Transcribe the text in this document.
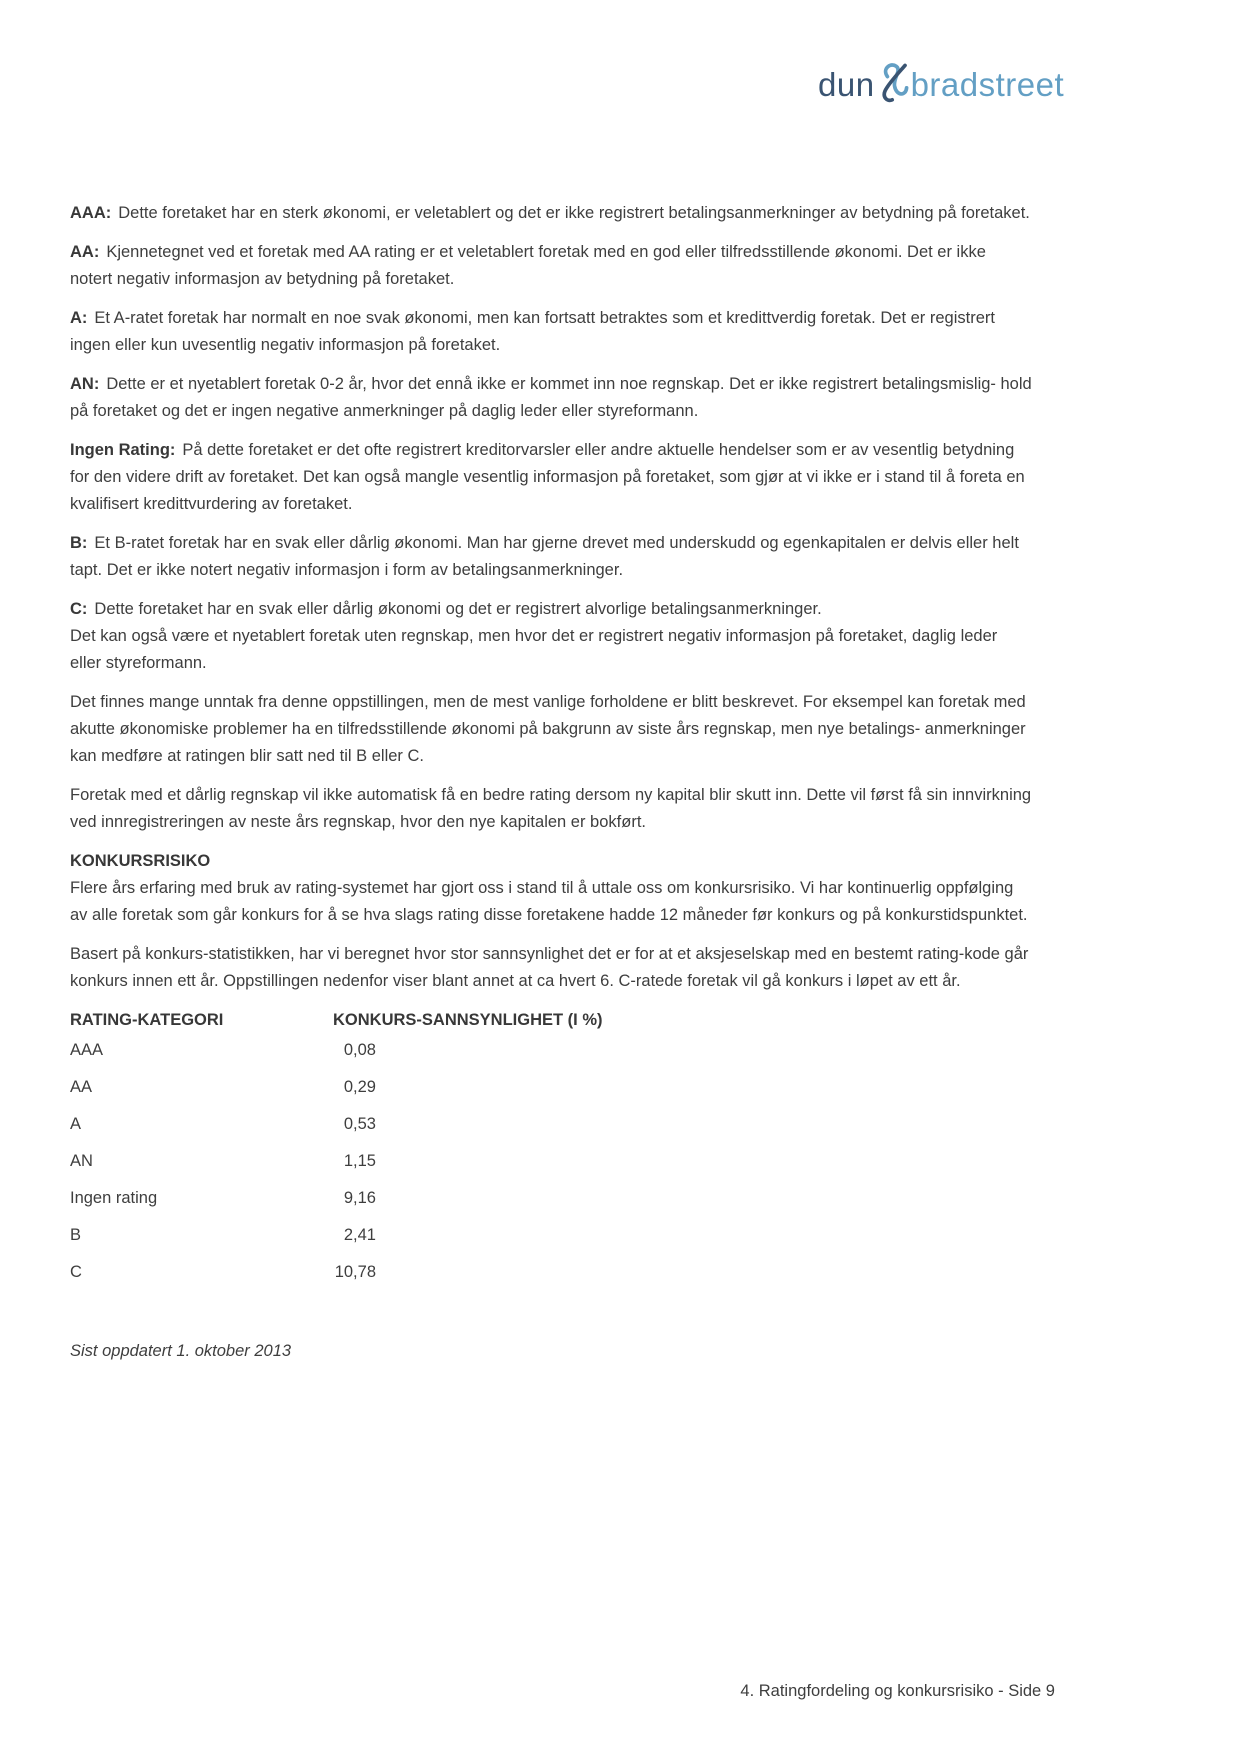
dun bradstreet

AAA: Dette foretaket har en sterk økonomi, er veletablert og det er ikke registrert betalingsanmerkninger av betydning på foretaket.

AA: Kjennetegnet ved et foretak med AA rating er et veletablert foretak med en god eller tilfredsstillende økonomi. Det er ikke notert negativ informasjon av betydning på foretaket.

A: Et A-ratet foretak har normalt en noe svak økonomi, men kan fortsatt betraktes som et kredittverdig foretak. Det er registrert ingen eller kun uvesentlig negativ informasjon på foretaket.

AN: Dette er et nyetablert foretak 0-2 år, hvor det ennå ikke er kommet inn noe regnskap. Det er ikke registrert betalingsmislig- hold på foretaket og det er ingen negative anmerkninger på daglig leder eller styreformann.

Ingen Rating: På dette foretaket er det ofte registrert kreditorvarsler eller andre aktuelle hendelser som er av vesentlig betydning for den videre drift av foretaket. Det kan også mangle vesentlig informasjon på foretaket, som gjør at vi ikke er i stand til å foreta en kvalifisert kredittvurdering av foretaket.

B: Et B-ratet foretak har en svak eller dårlig økonomi. Man har gjerne drevet med underskudd og egenkapitalen er delvis eller helt tapt. Det er ikke notert negativ informasjon i form av betalingsanmerkninger.

C: Dette foretaket har en svak eller dårlig økonomi og det er registrert alvorlige betalingsanmerkninger.
Det kan også være et nyetablert foretak uten regnskap, men hvor det er registrert negativ informasjon på foretaket, daglig leder eller styreformann.

Det finnes mange unntak fra denne oppstillingen, men de mest vanlige forholdene er blitt beskrevet. For eksempel kan foretak med akutte økonomiske problemer ha en tilfredsstillende økonomi på bakgrunn av siste års regnskap, men nye betalings- anmerkninger kan medføre at ratingen blir satt ned til B eller C.

Foretak med et dårlig regnskap vil ikke automatisk få en bedre rating dersom ny kapital blir skutt inn. Dette vil først få sin innvirkning ved innregistreringen av neste års regnskap, hvor den nye kapitalen er bokført.

KONKURSRISIKO

Flere års erfaring med bruk av rating-systemet har gjort oss i stand til å uttale oss om konkursrisiko. Vi har kontinuerlig oppfølging av alle foretak som går konkurs for å se hva slags rating disse foretakene hadde 12 måneder før konkurs og på konkurstidspunktet.

Basert på konkurs-statistikken, har vi beregnet hvor stor sannsynlighet det er for at et aksjeselskap med en bestemt rating-kode går konkurs innen ett år. Oppstillingen nedenfor viser blant annet at ca hvert 6. C-ratede foretak vil gå konkurs i løpet av ett år.

RATING-KATEGORI	KONKURS-SANNSYNLIGHET (I %)
AAA	0,08
AA	0,29
A	0,53
AN	1,15
Ingen rating	9,16
B	2,41
C	10,78

Sist oppdatert 1. oktober 2013

4. Ratingfordeling og konkursrisiko - Side 9
